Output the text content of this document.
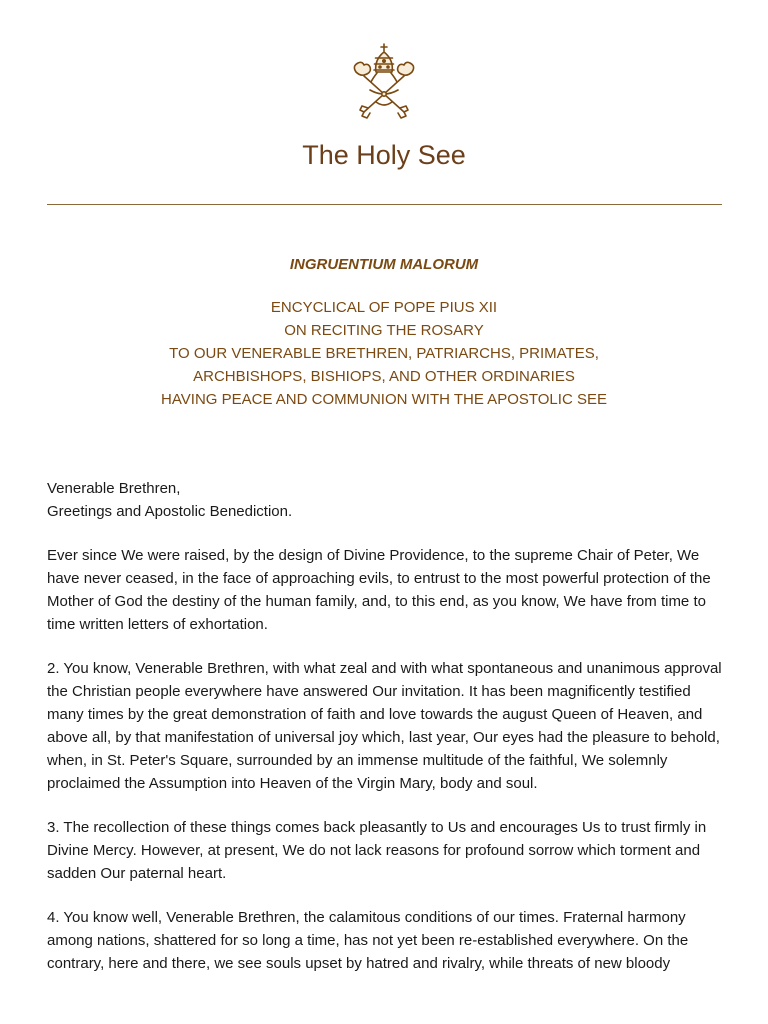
The Holy See
INGRUENTIUM MALORUM
ENCYCLICAL OF POPE PIUS XII
ON RECITING THE ROSARY
TO OUR VENERABLE BRETHREN, PATRIARCHS, PRIMATES,
ARCHBISHOPS, BISHIOPS, AND OTHER ORDINARIES
HAVING PEACE AND COMMUNION WITH THE APOSTOLIC SEE

Venerable Brethren,
Greetings and Apostolic Benediction.

Ever since We were raised, by the design of Divine Providence, to the supreme Chair of Peter, We have never ceased, in the face of approaching evils, to entrust to the most powerful protection of the Mother of God the destiny of the human family, and, to this end, as you know, We have from time to time written letters of exhortation.

2. You know, Venerable Brethren, with what zeal and with what spontaneous and unanimous approval the Christian people everywhere have answered Our invitation. It has been magnificently testified many times by the great demonstration of faith and love towards the august Queen of Heaven, and above all, by that manifestation of universal joy which, last year, Our eyes had the pleasure to behold, when, in St. Peter's Square, surrounded by an immense multitude of the faithful, We solemnly proclaimed the Assumption into Heaven of the Virgin Mary, body and soul.

3. The recollection of these things comes back pleasantly to Us and encourages Us to trust firmly in Divine Mercy. However, at present, We do not lack reasons for profound sorrow which torment and sadden Our paternal heart.

4. You know well, Venerable Brethren, the calamitous conditions of our times. Fraternal harmony among nations, shattered for so long a time, has not yet been re-established everywhere. On the contrary, here and there, we see souls upset by hatred and rivalry, while threats of new bloody
